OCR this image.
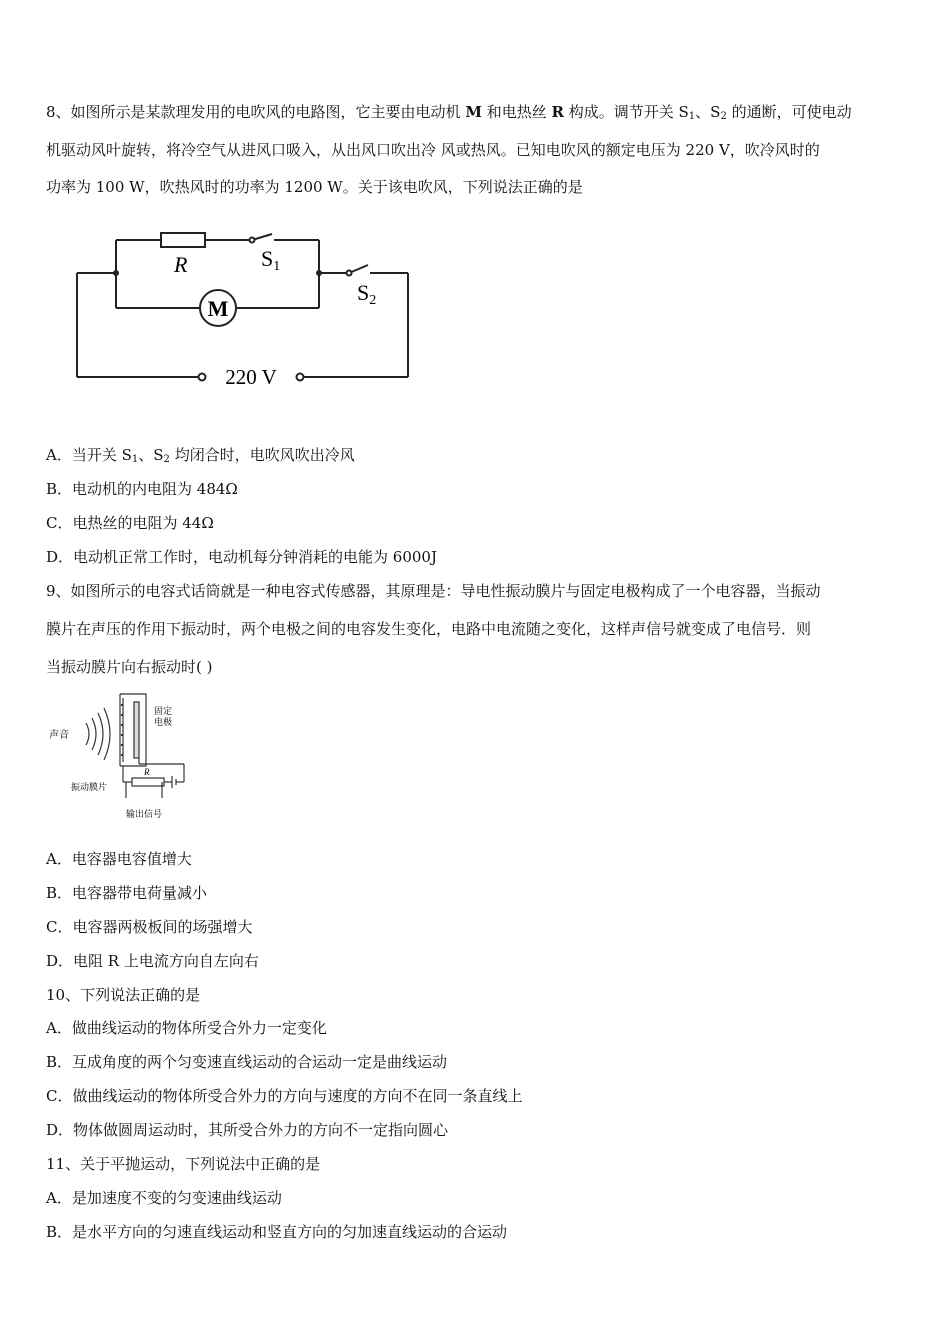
8、如图所示是某款理发用的电吹风的电路图，它主要由电动机 M 和电热丝 R 构成。调节开关 $S_1$、$S_2$ 的通断，可使电动
机驱动风叶旋转，将冷空气从进风口吸入，从出风口吹出冷 风或热风。已知电吹风的额定电压为 220 V，吹冷风时的
功率为 100 W，吹热风时的功率为 1200 W。关于该电吹风，下列说法正确的是
R	S1
S2
M
220 V
A．当开关 $S_1$、$S_2$ 均闭合时，电吹风吹出冷风
B．电动机的内电阻为 484Ω
C．电热丝的电阻为 44Ω
D．电动机正常工作时，电动机每分钟消耗的电能为 6000J
9、如图所示的电容式话筒就是一种电容式传感器，其原理是：导电性振动膜片与固定电极构成了一个电容器，当振动
膜片在声压的作用下振动时，两个电极之间的电容发生变化，电路中电流随之变化，这样声信号就变成了电信号．则
当振动膜片向右振动时( )
声音
固定
电极
振动膜片
R
输出信号
A．电容器电容值增大
B．电容器带电荷量减小
C．电容器两极板间的场强增大
D．电阻 R 上电流方向自左向右
10、下列说法正确的是
A．做曲线运动的物体所受合外力一定变化
B．互成角度的两个匀变速直线运动的合运动一定是曲线运动
C．做曲线运动的物体所受合外力的方向与速度的方向不在同一条直线上
D．物体做圆周运动时，其所受合外力的方向不一定指向圆心
11、关于平抛运动，下列说法中正确的是
A．是加速度不变的匀变速曲线运动
B．是水平方向的匀速直线运动和竖直方向的匀加速直线运动的合运动
